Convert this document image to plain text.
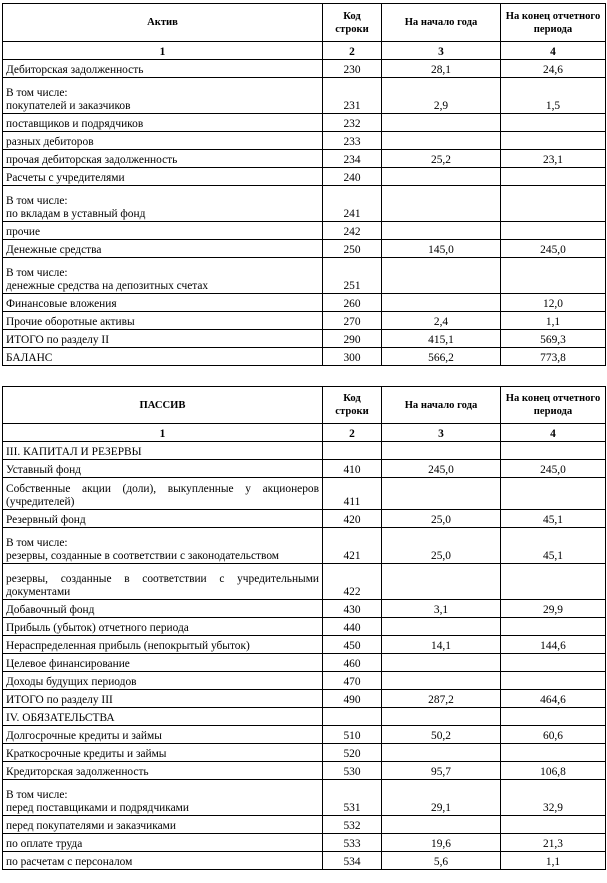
Актив	Код строки	На начало года	На конец отчетного периода
1	2	3	4

Дебиторская задолженность	230	28,1	24,6

В том числе:
покупателей и заказчиков	231	2,9	1,5

поставщиков и подрядчиков	232		

разных дебиторов	233		

прочая дебиторская задолженность	234	25,2	23,1

Расчеты с учредителями	240		

В том числе:
по вкладам в уставный фонд	241		

прочие	242		

Денежные средства	250	145,0	245,0

В том числе:
денежные средства на депозитных счетах	251		

Финансовые вложения	260		12,0

Прочие оборотные активы	270	2,4	1,1

ИТОГО по разделу II	290	415,1	569,3

БАЛАНС	300	566,2	773,8
ПАССИВ	Код строки	На начало года	На конец отчетного периода
1	2	3	4

III. КАПИТАЛ И РЕЗЕРВЫ			

Уставный фонд	410	245,0	245,0

Собственные акции (доли), выкупленные у акционеров (учредителей)	411		

Резервный фонд	420	25,0	45,1

В том числе:
резервы, созданные в соответствии с законодательством	421	25,0	45,1

резервы, созданные в соответствии с учредительными документами	422		

Добавочный фонд	430	3,1	29,9

Прибыль (убыток) отчетного периода	440		

Нераспределенная прибыль (непокрытый убыток)	450	14,1	144,6

Целевое финансирование	460		

Доходы будущих периодов	470		

ИТОГО по разделу III	490	287,2	464,6

IV. ОБЯЗАТЕЛЬСТВА			

Долгосрочные кредиты и займы	510	50,2	60,6

Краткосрочные кредиты и займы	520		

Кредиторская задолженность	530	95,7	106,8

В том числе:
перед поставщиками и подрядчиками	531	29,1	32,9

перед покупателями и заказчиками	532		

по оплате труда	533	19,6	21,3

по расчетам с персоналом	534	5,6	1,1
